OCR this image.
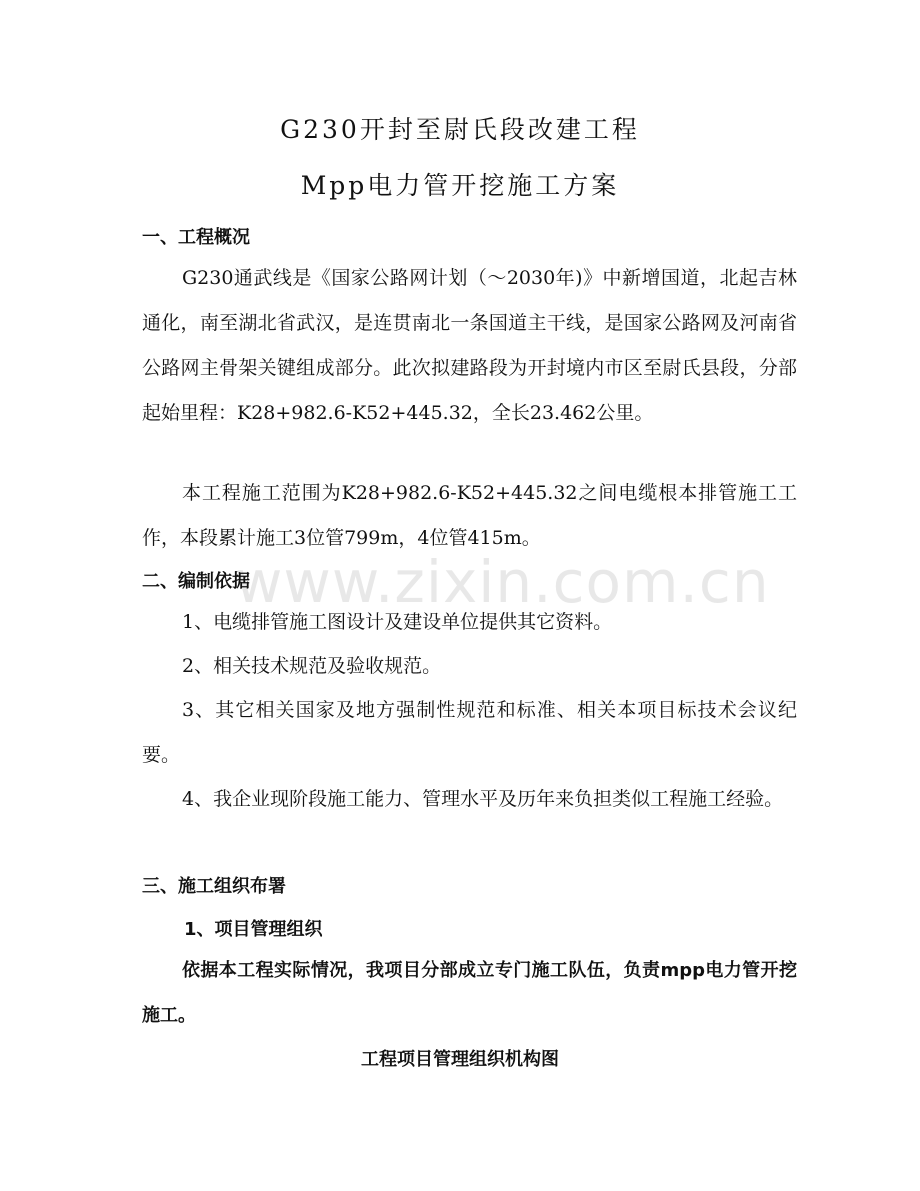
G230开封至尉氏段改建工程
Mpp电力管开挖施工方案
一、工程概况

G230通武线是《国家公路网计划（～2030年)》中新增国道，北起吉林通化，南至湖北省武汉，是连贯南北一条国道主干线，是国家公路网及河南省公路网主骨架关键组成部分。此次拟建路段为开封境内市区至尉氏县段，分部起始里程：K28+982.6-K52+445.32，全长23.462公里。

本工程施工范围为K28+982.6-K52+445.32之间电缆根本排管施工工作，本段累计施工3位管799m，4位管415m。

www.zixin.com.cn
二、编制依据

1、电缆排管施工图设计及建设单位提供其它资料。

2、相关技术规范及验收规范。

3、其它相关国家及地方强制性规范和标准、相关本项目标技术会议纪要。

4、我企业现阶段施工能力、管理水平及历年来负担类似工程施工经验。

三、施工组织布署
1、项目管理组织

依据本工程实际情况，我项目分部成立专门施工队伍，负责mpp电力管开挖施工。

工程项目管理组织机构图
